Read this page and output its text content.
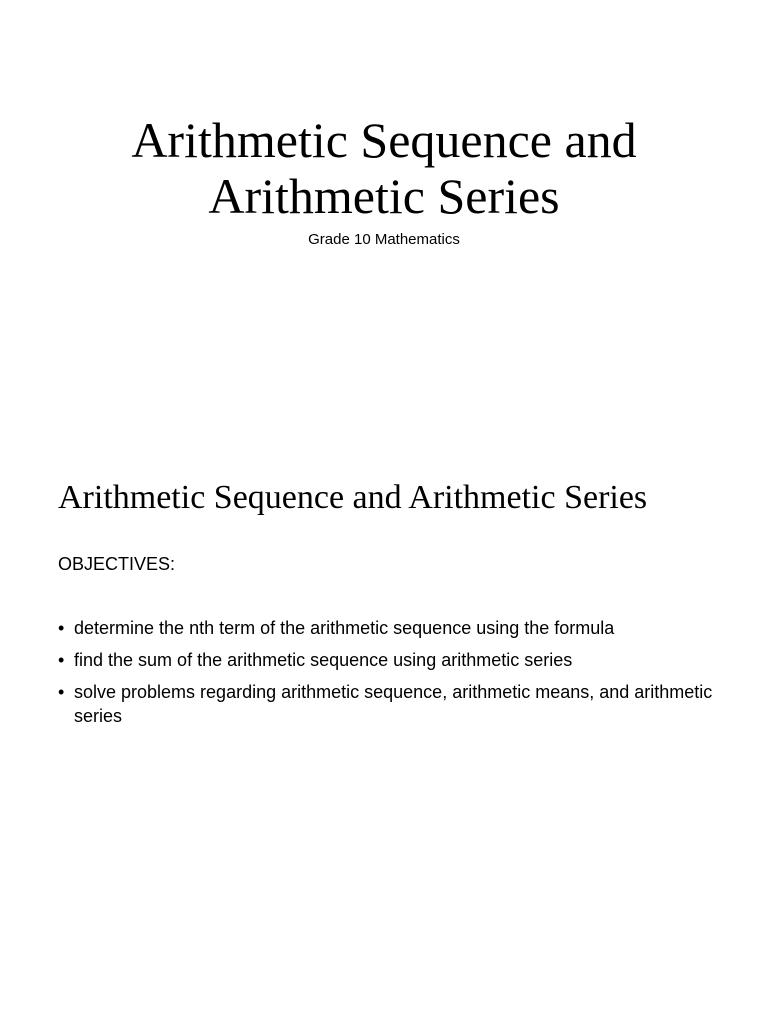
Arithmetic Sequence and
Arithmetic Series

Grade 10 Mathematics

Arithmetic Sequence and Arithmetic Series

OBJECTIVES:

• determine the nth term of the arithmetic sequence using the formula
• find the sum of the arithmetic sequence using arithmetic series
• solve problems regarding arithmetic sequence, arithmetic means, and arithmetic series
